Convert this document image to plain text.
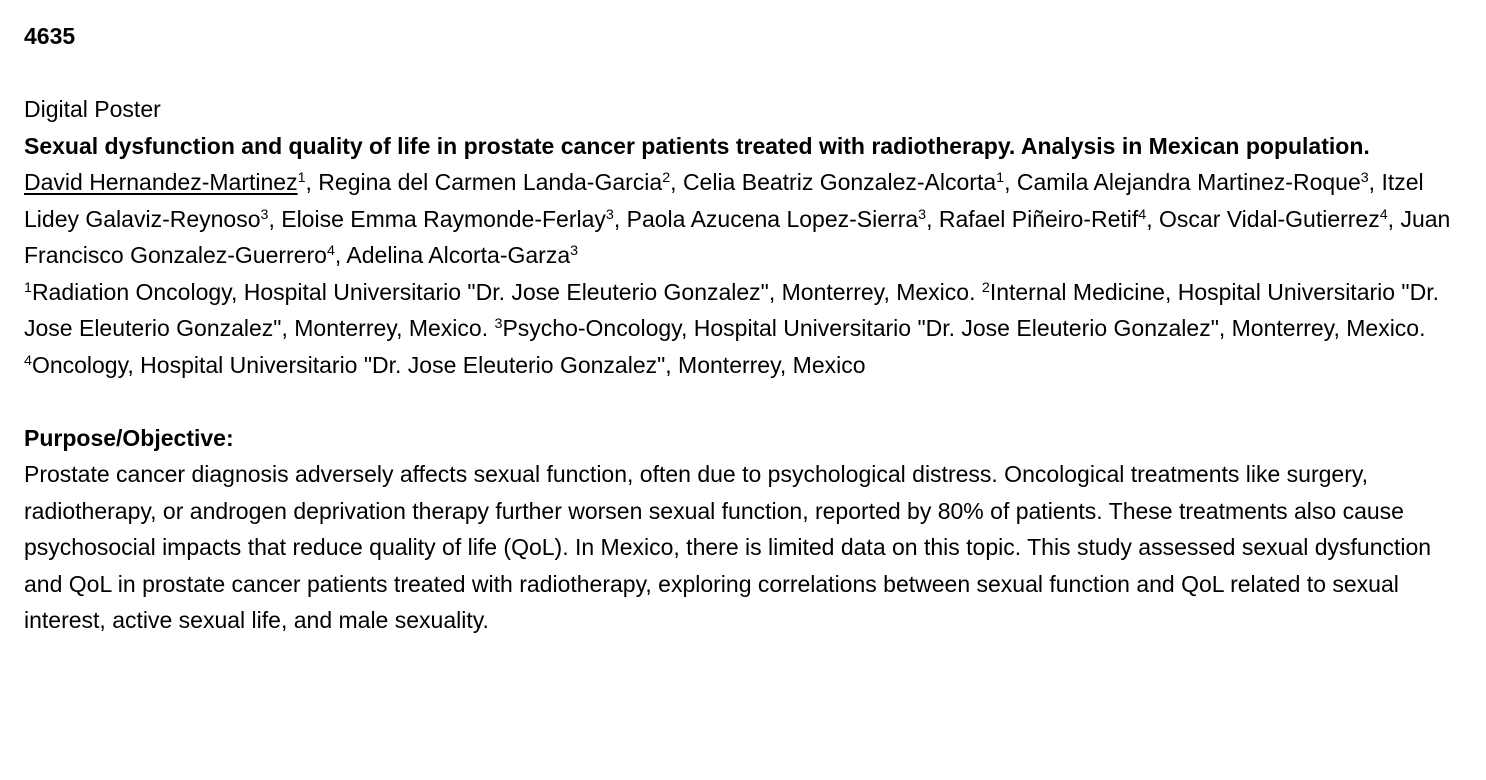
4635
Digital Poster
Sexual dysfunction and quality of life in prostate cancer patients treated with radiotherapy. Analysis in Mexican population.

David Hernandez-Martinez$^1$, Regina del Carmen Landa-Garcia$^2$, Celia Beatriz Gonzalez-Alcorta$^1$, Camila Alejandra Martinez-Roque$^3$, Itzel Lidey Galaviz-Reynoso$^3$, Eloise Emma Raymonde-Ferlay$^3$, Paola Azucena Lopez-Sierra$^3$, Rafael Piñeiro-Retif$^4$, Oscar Vidal-Gutierrez$^4$, Juan Francisco Gonzalez-Guerrero$^4$, Adelina Alcorta-Garza$^3$

$^1$Radiation Oncology, Hospital Universitario "Dr. Jose Eleuterio Gonzalez", Monterrey, Mexico. $^2$Internal Medicine, Hospital Universitario "Dr. Jose Eleuterio Gonzalez", Monterrey, Mexico. $^3$Psycho-Oncology, Hospital Universitario "Dr. Jose Eleuterio Gonzalez", Monterrey, Mexico. $^4$Oncology, Hospital Universitario "Dr. Jose Eleuterio Gonzalez", Monterrey, Mexico

Purpose/Objective:

Prostate cancer diagnosis adversely affects sexual function, often due to psychological distress. Oncological treatments like surgery, radiotherapy, or androgen deprivation therapy further worsen sexual function, reported by 80% of patients. These treatments also cause psychosocial impacts that reduce quality of life (QoL). In Mexico, there is limited data on this topic. This study assessed sexual dysfunction and QoL in prostate cancer patients treated with radiotherapy, exploring correlations between sexual function and QoL related to sexual interest, active sexual life, and male sexuality.
